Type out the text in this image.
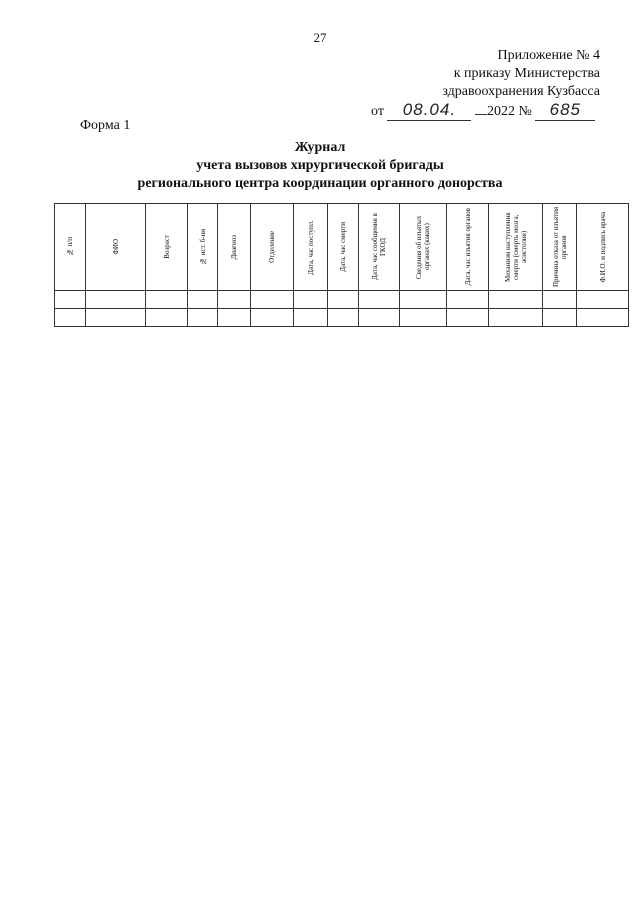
27
Приложение № 4
к приказу Министерства
здравоохранения Кузбасса
от 08.04. 2022 № 685
Форма 1
Журнал
учета вызовов хирургической бригады
регионального центра координации органного донорства
№ п/п	ФИО	Возраст	№ ист. б-ни	Диагноз	Отделение	Дата, час поступл.	Дата, час смерти	Дата, час сообщения в ГКОД	Сведения об изъятых органах (каких)	Дата, час изъятия органов	Механизм наступления смерти (смерть мозга, асистолия)	Причина отказа от изъятия органов	Ф.И.О. и подпись врача
